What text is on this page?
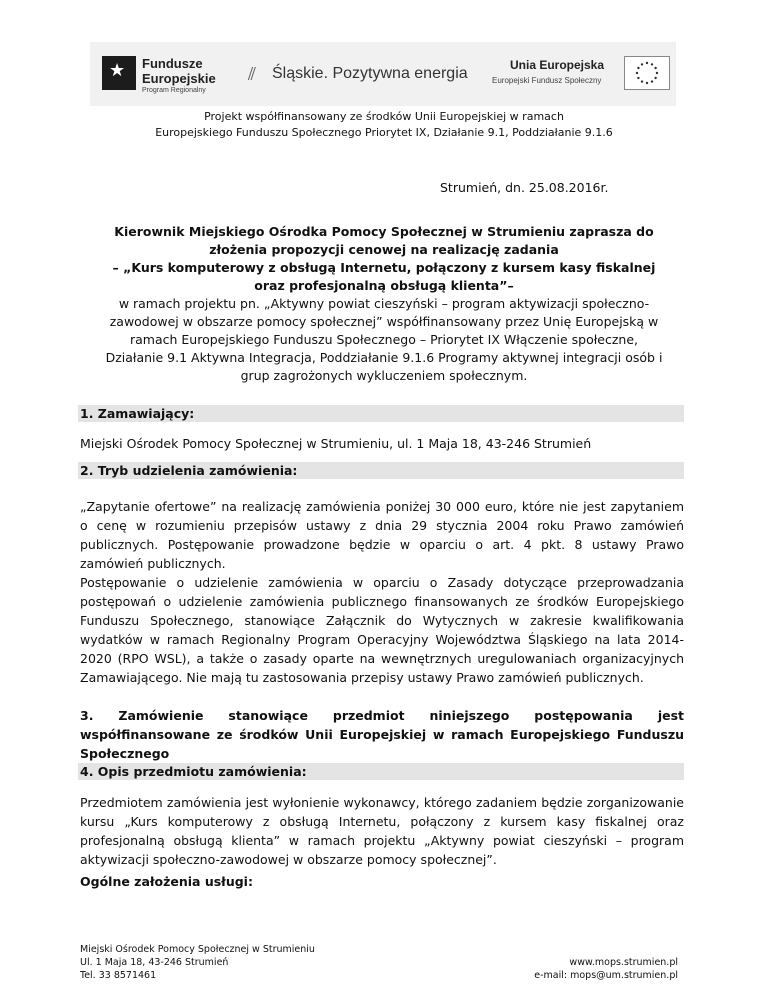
★
Fundusze
Europejskie
Program Regionalny
⫽ Śląskie. Pozytywna energia	Unia Europejska
Europejski Fundusz Społeczny
Projekt współfinansowany ze środków Unii Europejskiej w ramach
Europejskiego Funduszu Społecznego Priorytet IX, Działanie 9.1, Poddziałanie 9.1.6
Strumień, dn. 25.08.2016r.
Kierownik Miejskiego Ośrodka Pomocy Społecznej w Strumieniu zaprasza do
złożenia propozycji cenowej na realizację zadania
– „Kurs komputerowy z obsługą Internetu, połączony z kursem kasy fiskalnej
oraz profesjonalną obsługą klienta”–
w ramach projektu pn. „Aktywny powiat cieszyński – program aktywizacji społeczno-
zawodowej w obszarze pomocy społecznej” współfinansowany przez Unię Europejską w
ramach Europejskiego Funduszu Społecznego – Priorytet IX Włączenie społeczne,
Działanie 9.1 Aktywna Integracja, Poddziałanie 9.1.6 Programy aktywnej integracji osób i
grup zagrożonych wykluczeniem społecznym.
1. Zamawiający:
Miejski Ośrodek Pomocy Społecznej w Strumieniu, ul. 1 Maja 18, 43-246 Strumień
2. Tryb udzielenia zamówienia:
„Zapytanie ofertowe” na realizację zamówienia poniżej 30 000 euro, które nie jest zapytaniem o cenę w rozumieniu przepisów ustawy z dnia 29 stycznia 2004 roku Prawo zamówień publicznych. Postępowanie prowadzone będzie w oparciu o art. 4 pkt. 8 ustawy Prawo zamówień publicznych.
Postępowanie o udzielenie zamówienia w oparciu o Zasady dotyczące przeprowadzania postępowań o udzielenie zamówienia publicznego finansowanych ze środków Europejskiego Funduszu Społecznego, stanowiące Załącznik do Wytycznych w zakresie kwalifikowania wydatków w ramach Regionalny Program Operacyjny Województwa Śląskiego na lata 2014-2020 (RPO WSL), a także o zasady oparte na wewnętrznych uregulowaniach organizacyjnych Zamawiającego. Nie mają tu zastosowania przepisy ustawy Prawo zamówień publicznych.
3. Zamówienie stanowiące przedmiot niniejszego postępowania jest współfinansowane ze środków Unii Europejskiej w ramach Europejskiego Funduszu Społecznego
4. Opis przedmiotu zamówienia:
Przedmiotem zamówienia jest wyłonienie wykonawcy, którego zadaniem będzie zorganizowanie kursu „Kurs komputerowy z obsługą Internetu, połączony z kursem kasy fiskalnej oraz profesjonalną obsługą klienta” w ramach projektu „Aktywny powiat cieszyński – program aktywizacji społeczno-zawodowej w obszarze pomocy społecznej”.
Ogólne założenia usługi:
Miejski Ośrodek Pomocy Społecznej w Strumieniu
Ul. 1 Maja 18, 43-246 Strumień
Tel. 33 8571461
www.mops.strumien.pl
e-mail: mops@um.strumien.pl
